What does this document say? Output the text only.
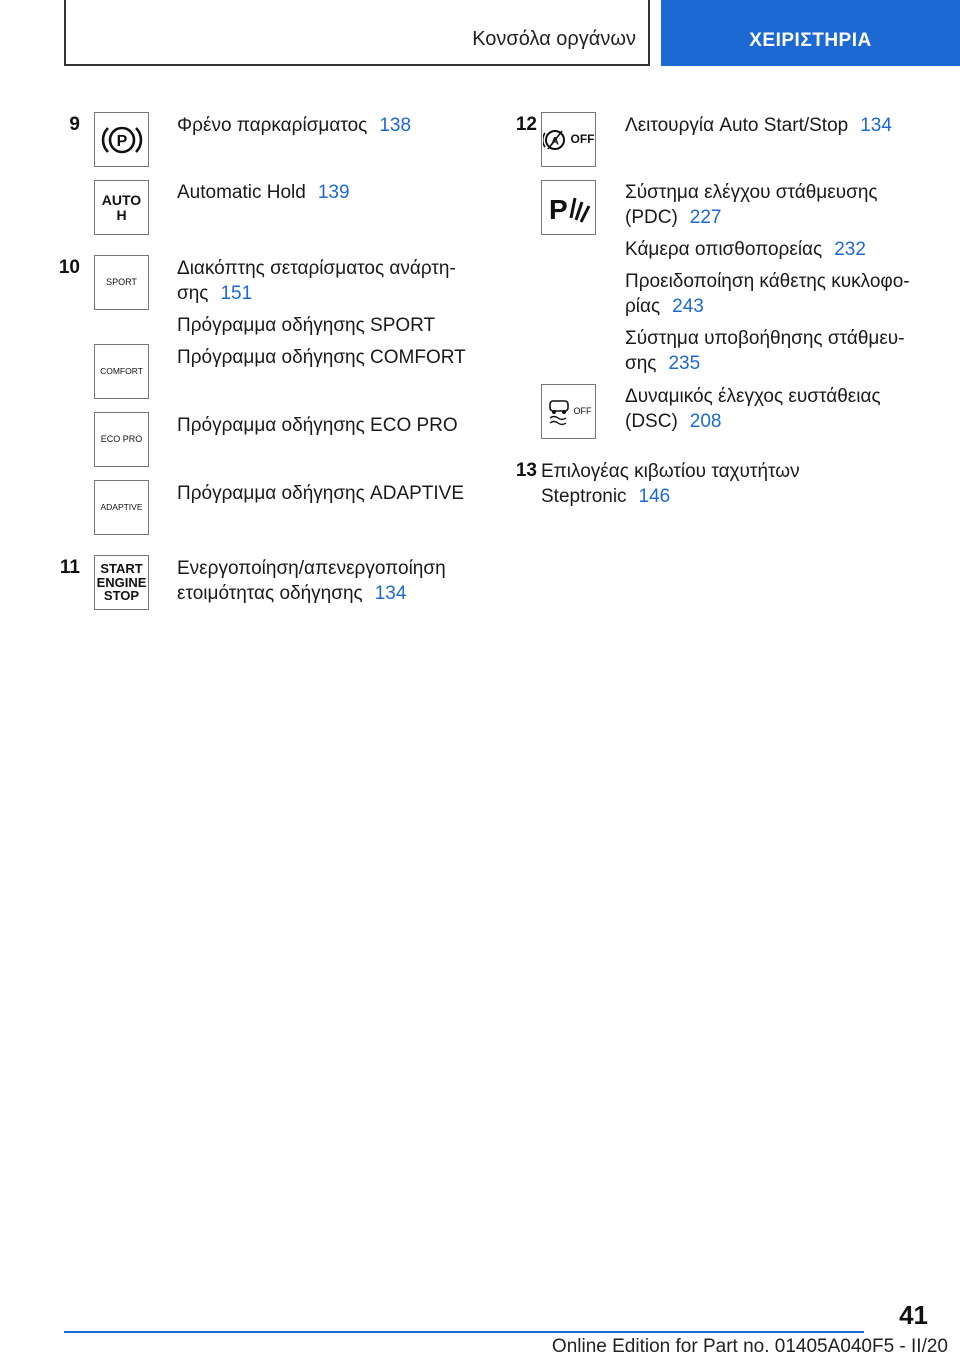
Κονσόλα οργάνων	ΧΕΙΡΙΣΤΗΡΙΑ
9
P
Φρένο παρκαρίσματος 138
AUTO H
Automatic Hold 139
10
SPORT
Διακόπτης σεταρίσματος ανάρτη-
σης 151
Πρόγραμμα οδήγησης SPORT
COMFORT
Πρόγραμμα οδήγησης COMFORT
ECO PRO
Πρόγραμμα οδήγησης ECO PRO
ADAPTIVE
Πρόγραμμα οδήγησης ADAPTIVE
11 START
ENGINE
STOP
Ενεργοποίηση/απενεργοποίηση
ετοιμότητας οδήγησης 134
12
A OFF
Λειτουργία Auto Start/Stop 134
P
Σύστημα ελέγχου στάθμευσης
(PDC) 227
Κάμερα οπισθοπορείας 232
Προειδοποίηση κάθετης κυκλοφο-
ρίας 243
Σύστημα υποβοήθησης στάθμευ-
σης 235
OFF
Δυναμικός έλεγχος ευστάθειας
(DSC) 208
13 Επιλογέας κιβωτίου ταχυτήτων
Steptronic 146
41
Online Edition for Part no. 01405A040F5 - II/20
